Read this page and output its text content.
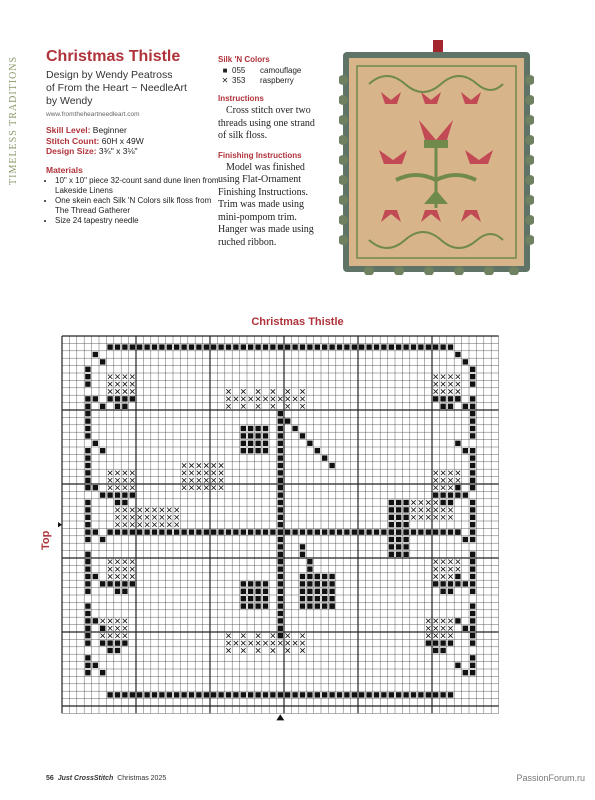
TIMELESS TRADITIONS Christmas Thistle
Design by Wendy Peatross
of From the Heart ~ NeedleArt
by Wendy
www.fromtheheartneedleart.com
Skill Level: Beginner
Stitch Count: 60H x 49W
Design Size: 3¾" x 3⅛"
Materials
• 10" x 10" piece 32-count sand dune linen from Lakeside Linens
• One skein each Silk 'N Colors silk floss from The Thread Gatherer
• Size 24 tapestry needle
Silk 'N Colors
■ 055	camouflage
✕ 353	raspberry
Instructions

Cross stitch over two threads using one strand of silk floss.

Finishing Instructions

Model was finished using Flat-Ornament Finishing Instructions. Trim was made using mini-pompom trim. Hanger was made using ruched ribbon.

Christmas Thistle
Top
56 Just CrossStitch Christmas 2025	PassionForum.ru
